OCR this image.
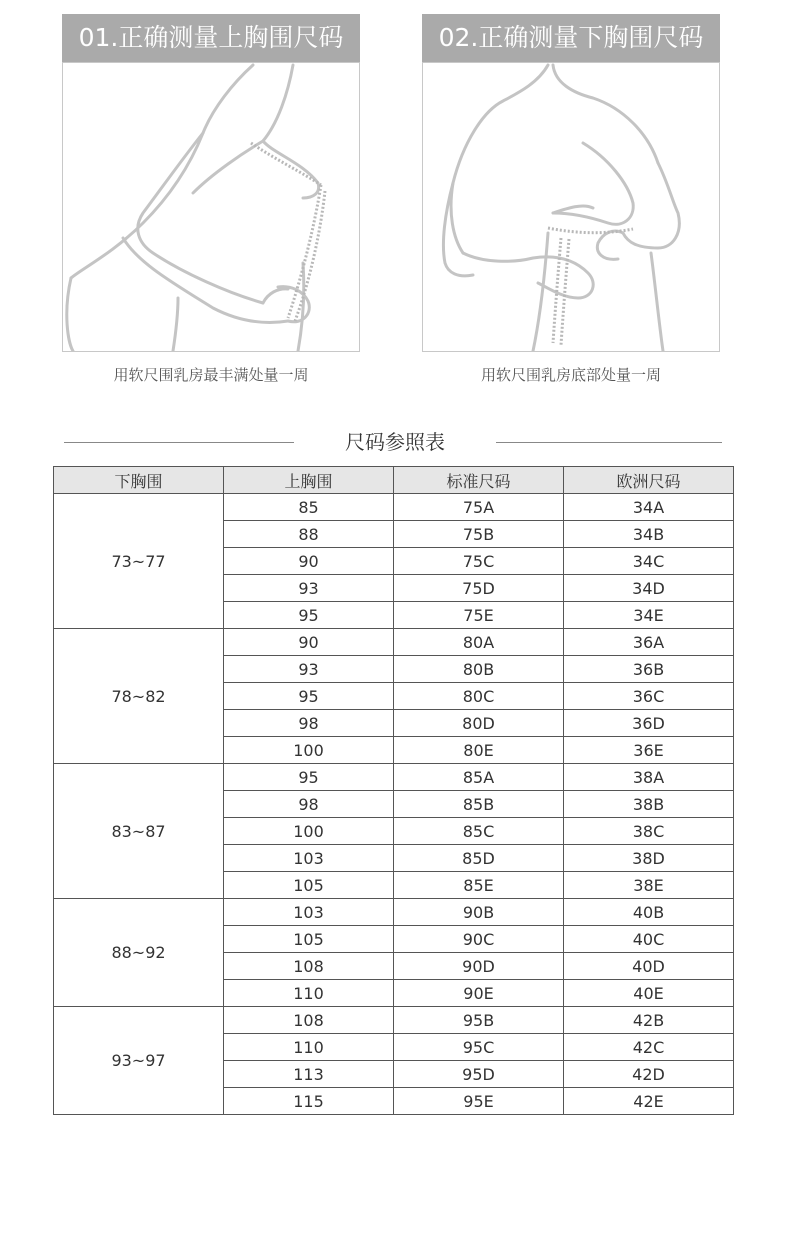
01.正确测量上胸围尺码	02.正确测量下胸围尺码
用软尺围乳房最丰满处量一周	用软尺围乳房底部处量一周
尺码参照表
下胸围	上胸围	标准尺码	欧洲尺码
73~77	85	75A	34A
	88	75B	34B
	90	75C	34C
	93	75D	34D
	95	75E	34E
78~82	90	80A	36A
	93	80B	36B
	95	80C	36C
	98	80D	36D
	100	80E	36E
83~87	95	85A	38A
	98	85B	38B
	100	85C	38C
	103	85D	38D
	105	85E	38E
88~92	103	90B	40B
	105	90C	40C
	108	90D	40D
	110	90E	40E
93~97	108	95B	42B
	110	95C	42C
	113	95D	42D
	115	95E	42E
